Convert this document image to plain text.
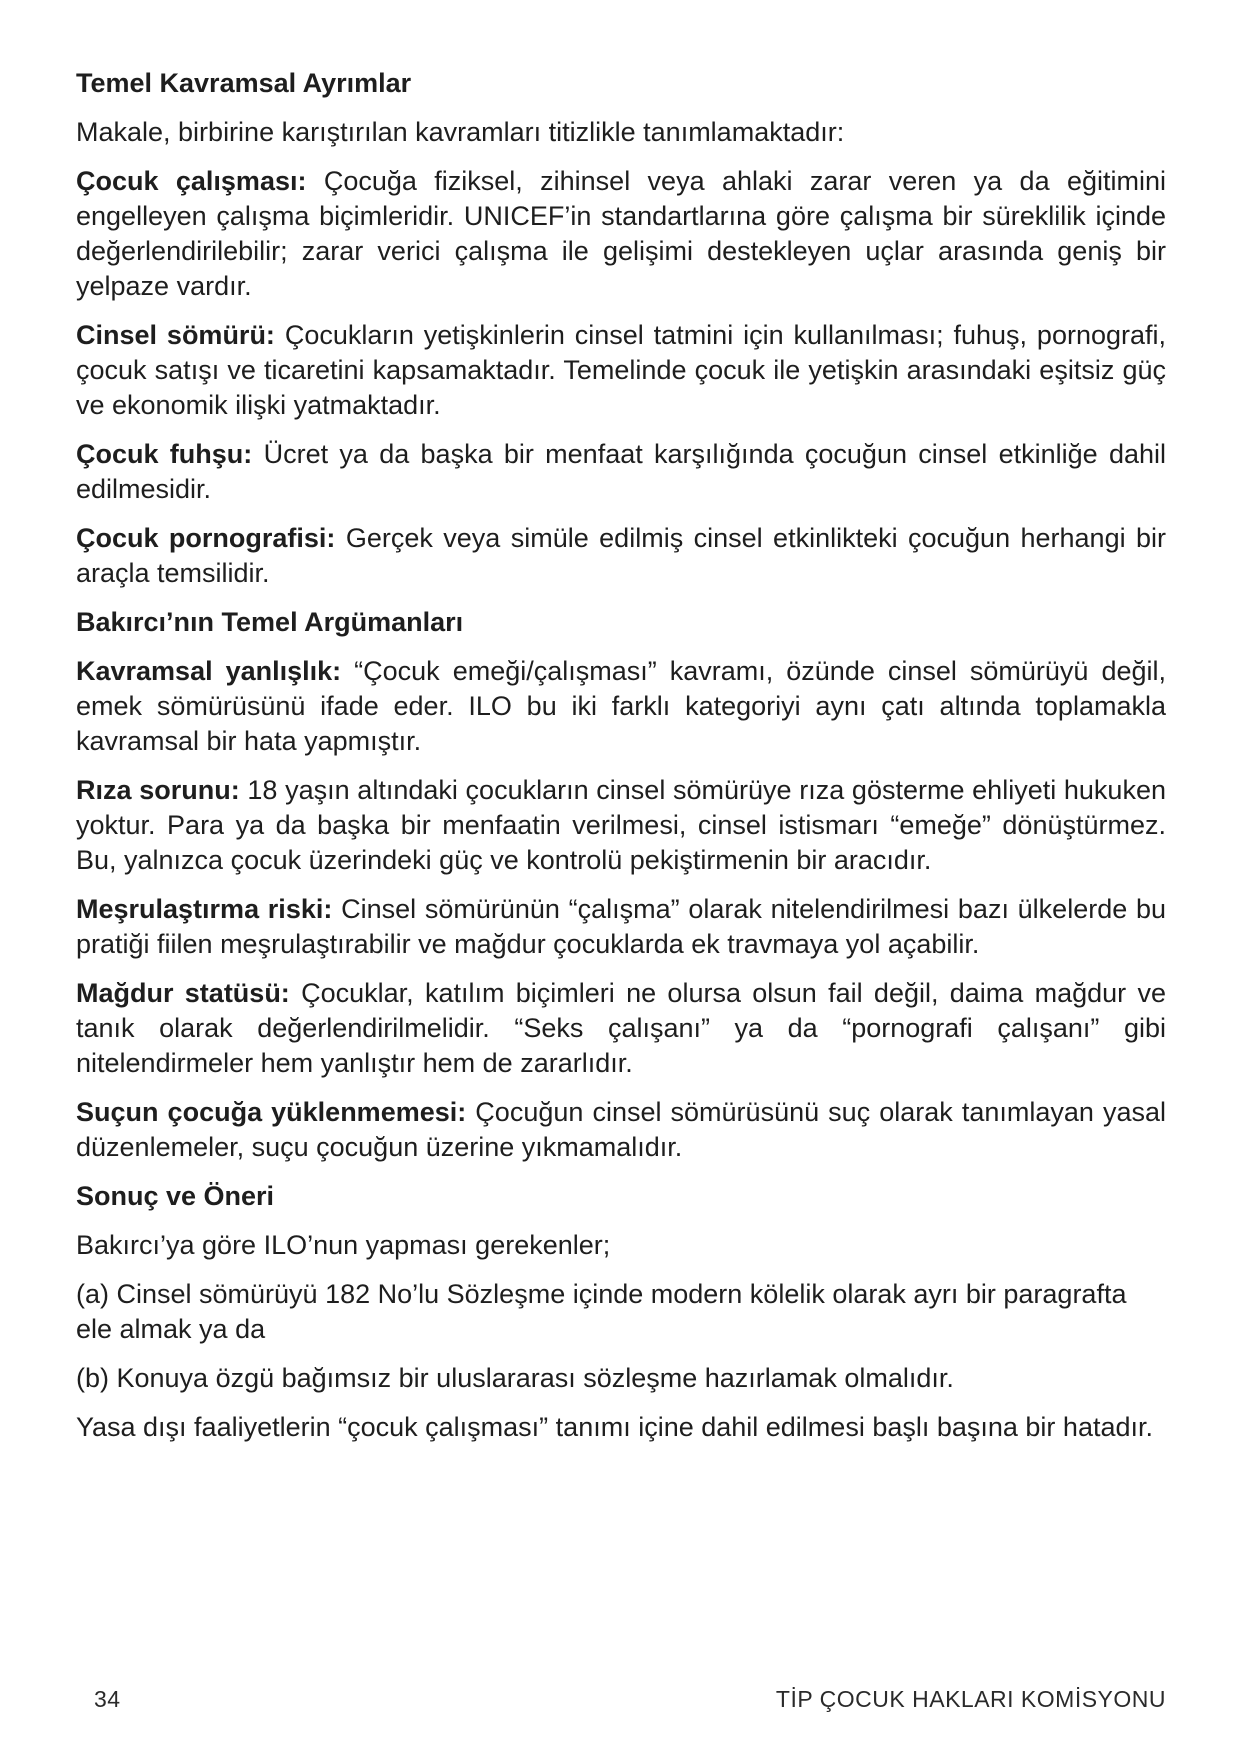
Temel Kavramsal Ayrımlar

Makale, birbirine karıştırılan kavramları titizlikle tanımlamaktadır:

Çocuk çalışması: Çocuğa fiziksel, zihinsel veya ahlaki zarar veren ya da eğitimini engelleyen çalışma biçimleridir. UNICEF’in standartlarına göre çalışma bir süreklilik içinde değerlendirilebilir; zarar verici çalışma ile gelişimi destekleyen uçlar arasında geniş bir yelpaze vardır.

Cinsel sömürü: Çocukların yetişkinlerin cinsel tatmini için kullanılması; fuhuş, pornografi, çocuk satışı ve ticaretini kapsamaktadır. Temelinde çocuk ile yetişkin arasındaki eşitsiz güç ve ekonomik ilişki yatmaktadır.

Çocuk fuhşu: Ücret ya da başka bir menfaat karşılığında çocuğun cinsel etkinliğe dahil edilmesidir.

Çocuk pornografisi: Gerçek veya simüle edilmiş cinsel etkinlikteki çocuğun herhangi bir araçla temsilidir.

Bakırcı’nın Temel Argümanları

Kavramsal yanlışlık: “Çocuk emeği/çalışması” kavramı, özünde cinsel sömürüyü değil, emek sömürüsünü ifade eder. ILO bu iki farklı kategoriyi aynı çatı altında toplamakla kavramsal bir hata yapmıştır.

Rıza sorunu: 18 yaşın altındaki çocukların cinsel sömürüye rıza gösterme ehliyeti hukuken yoktur. Para ya da başka bir menfaatin verilmesi, cinsel istismarı “emeğe” dönüştürmez. Bu, yalnızca çocuk üzerindeki güç ve kontrolü pekiştirmenin bir aracıdır.

Meşrulaştırma riski: Cinsel sömürünün “çalışma” olarak nitelendirilmesi bazı ülkelerde bu pratiği fiilen meşrulaştırabilir ve mağdur çocuklarda ek travmaya yol açabilir.

Mağdur statüsü: Çocuklar, katılım biçimleri ne olursa olsun fail değil, daima mağdur ve tanık olarak değerlendirilmelidir. “Seks çalışanı” ya da “pornografi çalışanı” gibi nitelendirmeler hem yanlıştır hem de zararlıdır.

Suçun çocuğa yüklenmemesi: Çocuğun cinsel sömürüsünü suç olarak tanımlayan yasal düzenlemeler, suçu çocuğun üzerine yıkmamalıdır.

Sonuç ve Öneri

Bakırcı’ya göre ILO’nun yapması gerekenler;

(a) Cinsel sömürüyü 182 No’lu Sözleşme içinde modern kölelik olarak ayrı bir paragrafta ele almak ya da

(b) Konuya özgü bağımsız bir uluslararası sözleşme hazırlamak olmalıdır.

Yasa dışı faaliyetlerin “çocuk çalışması” tanımı içine dahil edilmesi başlı başına bir hatadır.

34	TİP ÇOCUK HAKLARI KOMİSYONU
